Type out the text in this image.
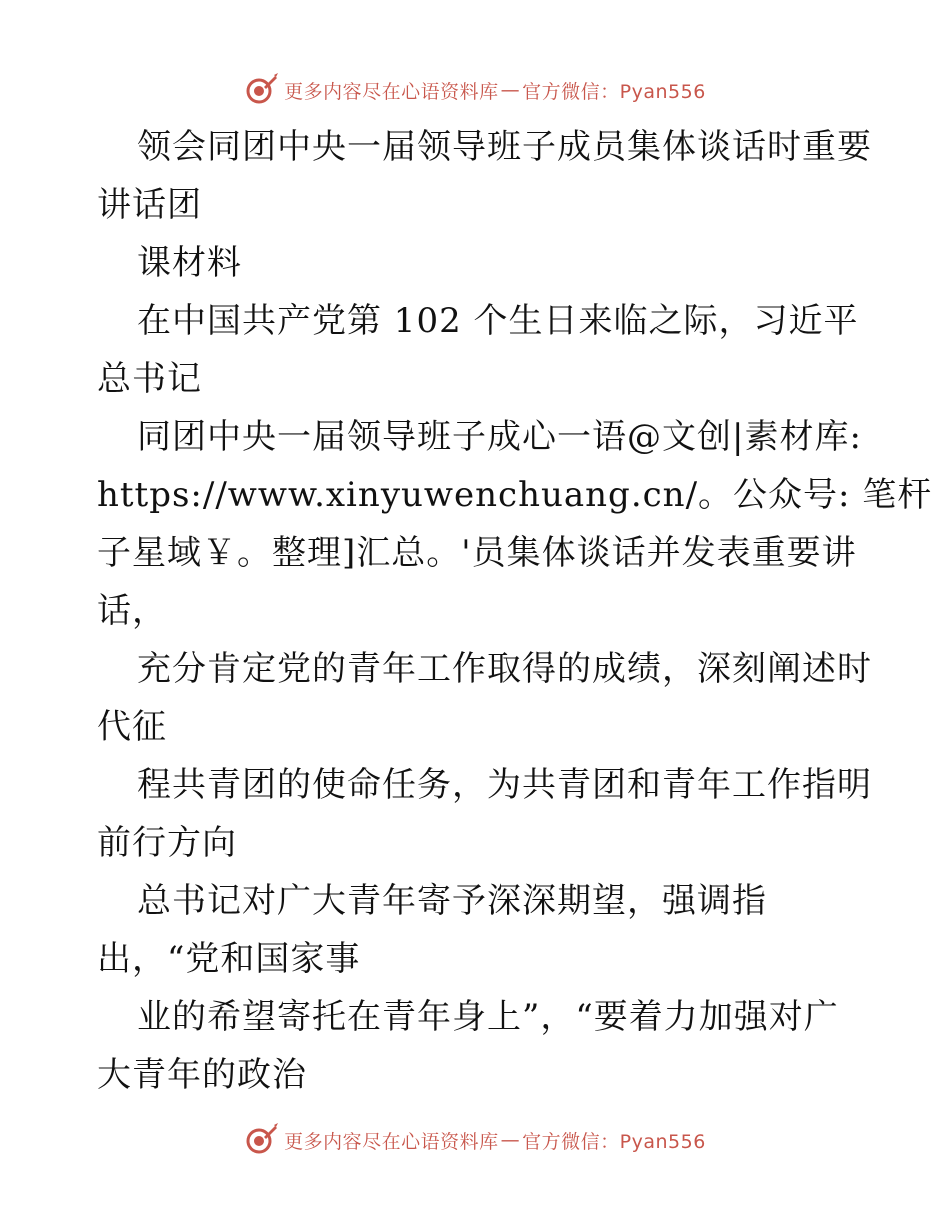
更多内容尽在心语资料库 — 官方微信：Pyan556
领会同团中央一届领导班子成员集体谈话时重要
讲话团
课材料
在中国共产党第 102 个生日来临之际，习近平
总书记
同团中央一届领导班子成心一语@文创|素材库:
https://www.xinyuwenchuang.cn/。公众号: 笔杆
子星域￥。整理]汇总。'员集体谈话并发表重要讲
话，
充分肯定党的青年工作取得的成绩，深刻阐述时
代征
程共青团的使命任务，为共青团和青年工作指明
前行方向
总书记对广大青年寄予深深期望，强调指
出，“党和国家事
业的希望寄托在青年身上”，“要着力加强对广
大青年的政治
更多内容尽在心语资料库 — 官方微信：Pyan556
